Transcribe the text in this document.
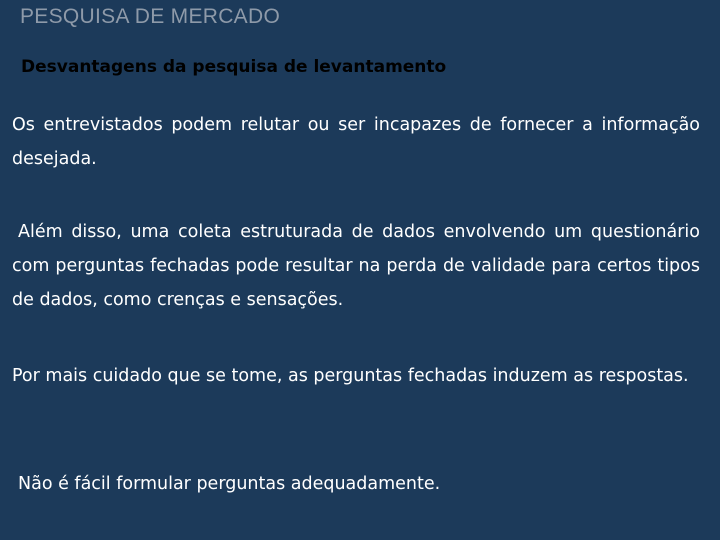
PESQUISA DE MERCADO
Desvantagens da pesquisa de levantamento

Os entrevistados podem relutar ou ser incapazes de fornecer a informação desejada.

Além disso, uma coleta estruturada de dados envolvendo um questionário com perguntas fechadas pode resultar na perda de validade para certos tipos de dados, como crenças e sensações.

Por mais cuidado que se tome, as perguntas fechadas induzem as respostas.

Não é fácil formular perguntas adequadamente.
